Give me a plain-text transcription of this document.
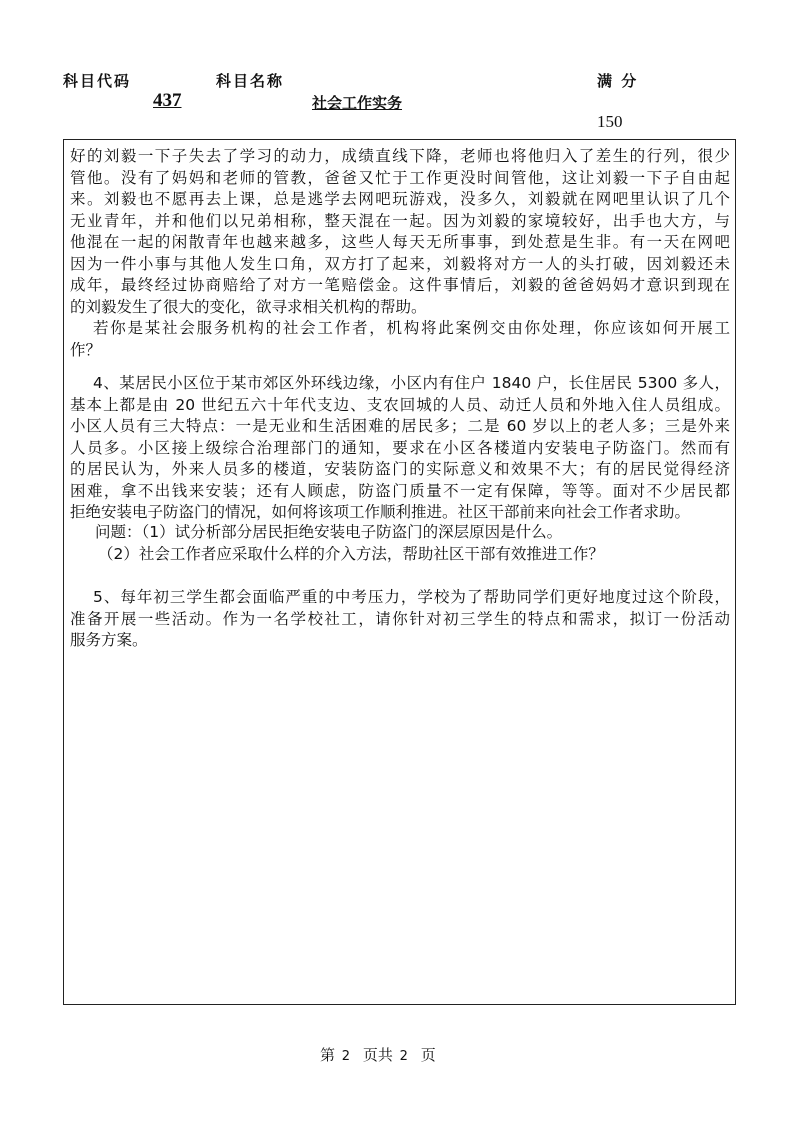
科目代码
437
科目名称
社会工作实务
满 分
150
好的刘毅一下子失去了学习的动力，成绩直线下降，老师也将他归入了差生的行列，很少
管他。没有了妈妈和老师的管教，爸爸又忙于工作更没时间管他，这让刘毅一下子自由起
来。刘毅也不愿再去上课，总是逃学去网吧玩游戏，没多久，刘毅就在网吧里认识了几个
无业青年，并和他们以兄弟相称，整天混在一起。因为刘毅的家境较好，出手也大方，与
他混在一起的闲散青年也越来越多，这些人每天无所事事，到处惹是生非。有一天在网吧
因为一件小事与其他人发生口角，双方打了起来，刘毅将对方一人的头打破，因刘毅还未
成年，最终经过协商赔给了对方一笔赔偿金。这件事情后，刘毅的爸爸妈妈才意识到现在
的刘毅发生了很大的变化，欲寻求相关机构的帮助。
若你是某社会服务机构的社会工作者，机构将此案例交由你处理，你应该如何开展工
作？
4、某居民小区位于某市郊区外环线边缘，小区内有住户 1840 户，长住居民 5300 多人，
基本上都是由 20 世纪五六十年代支边、支农回城的人员、动迁人员和外地入住人员组成。
小区人员有三大特点：一是无业和生活困难的居民多；二是 60 岁以上的老人多；三是外来
人员多。小区接上级综合治理部门的通知，要求在小区各楼道内安装电子防盗门。然而有
的居民认为，外来人员多的楼道，安装防盗门的实际意义和效果不大；有的居民觉得经济
困难，拿不出钱来安装；还有人顾虑，防盗门质量不一定有保障，等等。面对不少居民都
拒绝安装电子防盗门的情况，如何将该项工作顺利推进。社区干部前来向社会工作者求助。
问题：（1）试分析部分居民拒绝安装电子防盗门的深层原因是什么。
（2）社会工作者应采取什么样的介入方法，帮助社区干部有效推进工作？
5、每年初三学生都会面临严重的中考压力，学校为了帮助同学们更好地度过这个阶段，
准备开展一些活动。作为一名学校社工，请你针对初三学生的特点和需求，拟订一份活动
服务方案。
第 2 页共 2 页
